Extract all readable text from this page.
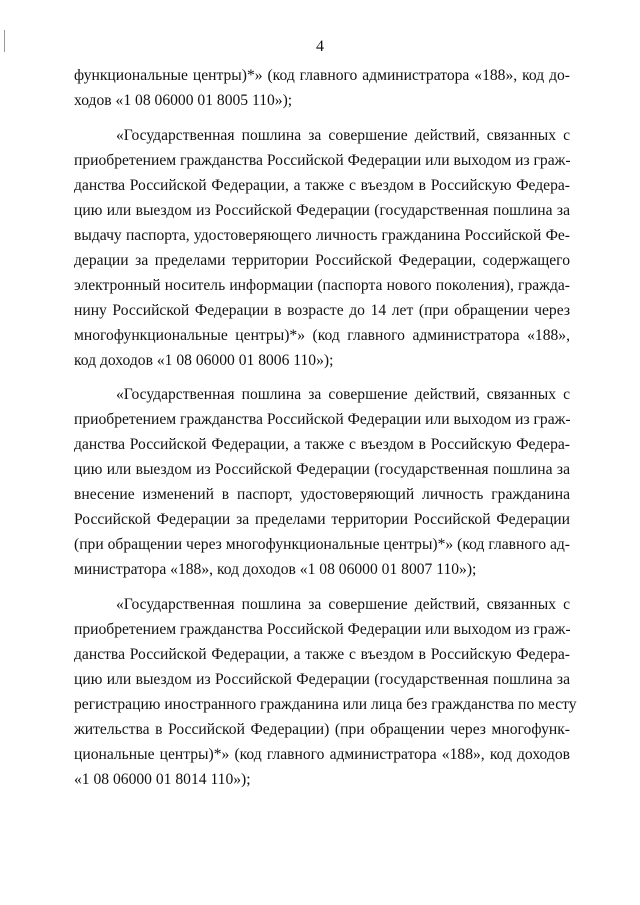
4
функциональные центры)*» (код главного администратора «188», код до-
ходов «1 08 06000 01 8005 110»);
«Государственная пошлина за совершение действий, связанных с
приобретением гражданства Российской Федерации или выходом из граж-
данства Российской Федерации, а также с въездом в Российскую Федера-
цию или выездом из Российской Федерации (государственная пошлина за
выдачу паспорта, удостоверяющего личность гражданина Российской Фе-
дерации за пределами территории Российской Федерации, содержащего
электронный носитель информации (паспорта нового поколения), гражда-
нину Российской Федерации в возрасте до 14 лет (при обращении через
многофункциональные центры)*» (код главного администратора «188»,
код доходов «1 08 06000 01 8006 110»);
«Государственная пошлина за совершение действий, связанных с
приобретением гражданства Российской Федерации или выходом из граж-
данства Российской Федерации, а также с въездом в Российскую Федера-
цию или выездом из Российской Федерации (государственная пошлина за
внесение изменений в паспорт, удостоверяющий личность гражданина
Российской Федерации за пределами территории Российской Федерации
(при обращении через многофункциональные центры)*» (код главного ад-
министратора «188», код доходов «1 08 06000 01 8007 110»);
«Государственная пошлина за совершение действий, связанных с
приобретением гражданства Российской Федерации или выходом из граж-
данства Российской Федерации, а также с въездом в Российскую Федера-
цию или выездом из Российской Федерации (государственная пошлина за
регистрацию иностранного гражданина или лица без гражданства по месту
жительства в Российской Федерации) (при обращении через многофунк-
циональные центры)*» (код главного администратора «188», код доходов
«1 08 06000 01 8014 110»);
